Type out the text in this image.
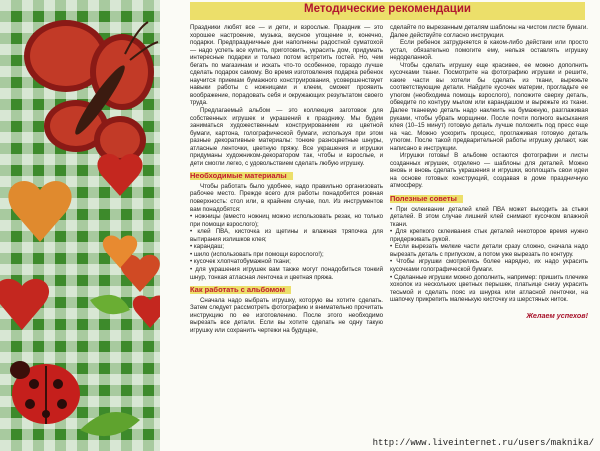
Методические рекомендации

Праздники любят все — и дети, и взрослые. Праздник — это хорошее настроение, музыка, вкусное угощение и, конечно, подарки. Предпраздничные дни наполнены радостной суматохой — надо успеть все купить, приготовить, украсить дом, придумать интересные подарки и только потом встретить гостей. Но, чем бегать по магазинам и искать что-то особенное, гораздо лучше сделать подарок самому. Во время изготовления подарка ребенок научится приемам бумажного конструирования, усовершенствует навыки работы с ножницами и клеем, сможет проявить воображение, порадовать себя и окружающих результатом своего труда.

Предлагаемый альбом — это коллекция заготовок для собственных игрушек и украшений к празднику. Мы будем заниматься художественным конструированием из цветной бумаги, картона, голографической бумаги, используя при этом разные декоративные материалы: тонкие разноцветные шнуры, атласные ленточки, цветную пряжу. Все украшения и игрушки придуманы художником-декоратором так, чтобы и взрослые, и дети смогли легко, с удовольствием сделать любую игрушку.

Необходимые материалы

Чтобы работать было удобнее, надо правильно организовать рабочее место. Прежде всего для работы понадобится ровная поверхность: стол или, в крайнем случае, пол. Из инструментов вам понадобятся:

• ножницы (вместо ножниц можно использовать резак, но только при помощи взрослого);
• клей ПВА, кисточка из щетины и влажная тряпочка для вытирания излишков клея;
• карандаш;
• шило (использовать при помощи взрослого!);
• кусочек хлопчатобумажной ткани;
• для украшения игрушек вам также могут понадобиться тонкий шнур, тонкая атласная ленточка и цветная пряжа.
Как работать с альбомом

Сначала надо выбрать игрушку, которую вы хотите сделать. Затем следует рассмотреть фотографию и внимательно прочитать инструкцию по ее изготовлению. После этого необходимо вырезать все детали. Если вы хотите сделать не одну такую игрушку или сохранить чертежи на будущее,

сделайте по вырезанным деталям шаблоны на чистом листе бумаги. Далее действуйте согласно инструкции.

Если ребенок затрудняется в каком-либо действии или просто устал, обязательно помогите ему, нельзя оставлять игрушку недоделанной.

Чтобы сделать игрушку еще красивее, ее можно дополнить кусочками ткани. Посмотрите на фотографию игрушки и решите, какие части вы хотели бы сделать из ткани, вырежьте соответствующие детали. Найдите кусочек материи, прогладьте ее утюгом (необходима помощь взрослого), положите сверху деталь, обведите по контуру мылом или карандашом и вырежьте из ткани. Далее тканевую деталь надо наклеить на бумажную, разглаживая руками, чтобы убрать морщинки. После почти полного высыхания клея (10–15 минут) готовую деталь лучше положить под пресс еще на час. Можно ускорить процесс, проглаживая готовую деталь утюгом. После такой предварительной работы игрушку делают, как написано в инструкции.

Игрушки готовы! В альбоме остаются фотографии и листы созданных игрушек, отделено — шаблоны для деталей. Можно вновь и вновь сделать украшения и игрушки, воплощать свои идеи на основе готовых конструкций, создавая в доме праздничную атмосферу.

Полезные советы
• При склеивании деталей клей ПВА может выходить за стыки деталей. В этом случае лишний клей снимают кусочком влажной ткани.
• Для крепкого склеивания стык деталей некоторое время нужно придерживать рукой.
• Если вырезать мелкие части детали сразу сложно, сначала надо вырезать деталь с припуском, а потом уже вырезать по контуру.
• Чтобы игрушки смотрелись более нарядно, их надо украсить кусочками голографической бумаги.
• Сделанные игрушки можно дополнить, например: пришить плечике хохолок из нескольких цветных перышек, платьице снизу украсить тесьмой и сделать пояс из шнурка или атласной ленточки, на шапочку прикрепить маленькую кисточку из шерстяных ниток.
Желаем успехов!
http://www.liveinternet.ru/users/maknika/
